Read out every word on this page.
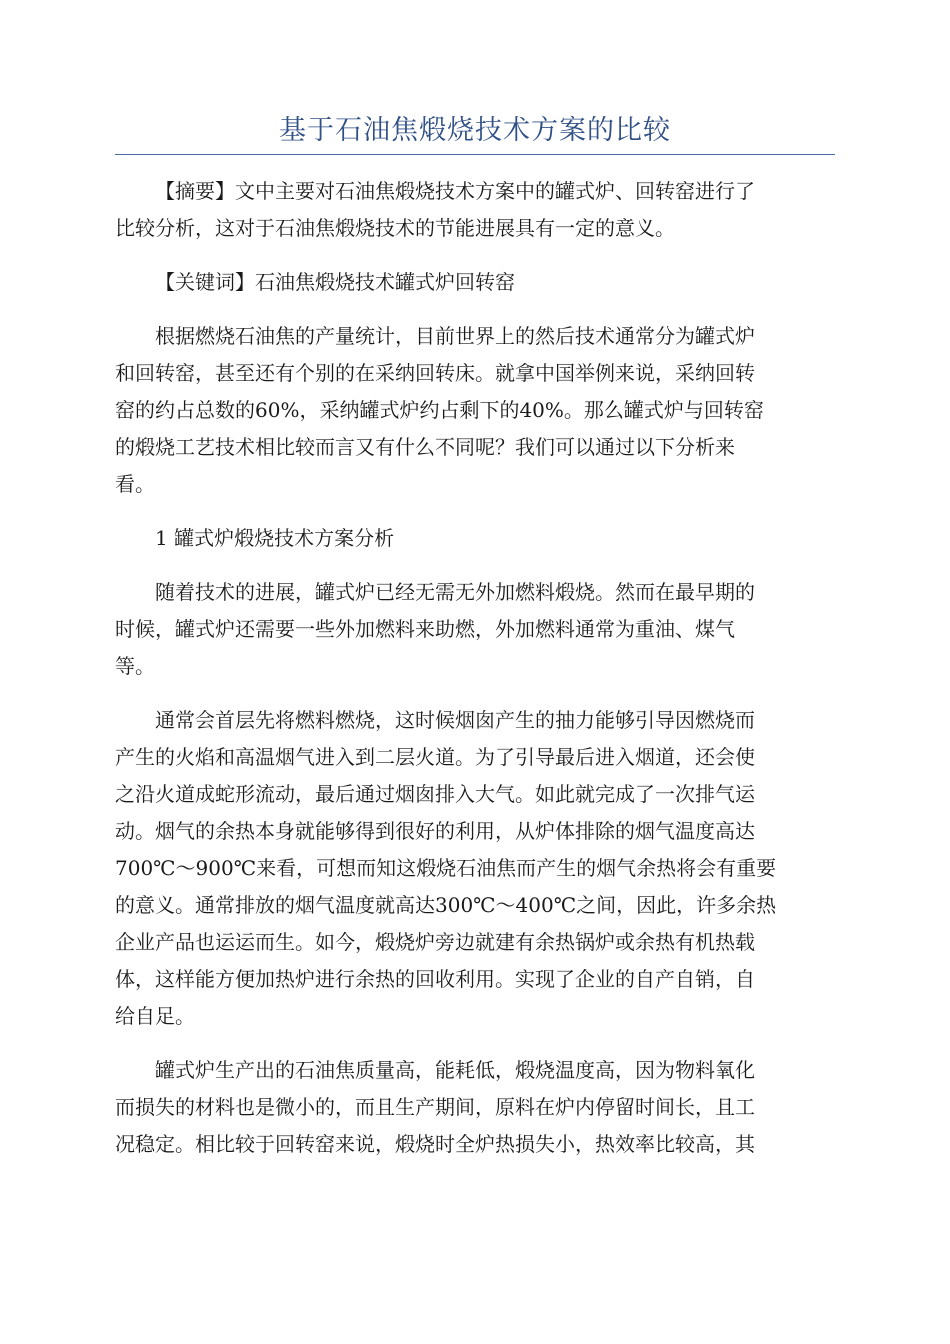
基于石油焦煅烧技术方案的比较

【摘要】文中主要对石油焦煅烧技术方案中的罐式炉、回转窑进行了
比较分析，这对于石油焦煅烧技术的节能进展具有一定的意义。

【关键词】石油焦煅烧技术罐式炉回转窑

根据燃烧石油焦的产量统计，目前世界上的然后技术通常分为罐式炉
和回转窑，甚至还有个别的在采纳回转床。就拿中国举例来说，采纳回转
窑的约占总数的60%，采纳罐式炉约占剩下的40%。那么罐式炉与回转窑
的煅烧工艺技术相比较而言又有什么不同呢？我们可以通过以下分析来
看。

1 罐式炉煅烧技术方案分析

随着技术的进展，罐式炉已经无需无外加燃料煅烧。然而在最早期的
时候，罐式炉还需要一些外加燃料来助燃，外加燃料通常为重油、煤气
等。

通常会首层先将燃料燃烧，这时候烟囱产生的抽力能够引导因燃烧而
产生的火焰和高温烟气进入到二层火道。为了引导最后进入烟道，还会使
之沿火道成蛇形流动，最后通过烟囱排入大气。如此就完成了一次排气运
动。烟气的余热本身就能够得到很好的利用，从炉体排除的烟气温度高达
700℃～900℃来看，可想而知这煅烧石油焦而产生的烟气余热将会有重要
的意义。通常排放的烟气温度就高达300℃～400℃之间，因此，许多余热
企业产品也运运而生。如今，煅烧炉旁边就建有余热锅炉或余热有机热载
体，这样能方便加热炉进行余热的回收利用。实现了企业的自产自销，自
给自足。

罐式炉生产出的石油焦质量高，能耗低，煅烧温度高，因为物料氧化
而损失的材料也是微小的，而且生产期间，原料在炉内停留时间长，且工
况稳定。相比较于回转窑来说，煅烧时全炉热损失小，热效率比较高，其
